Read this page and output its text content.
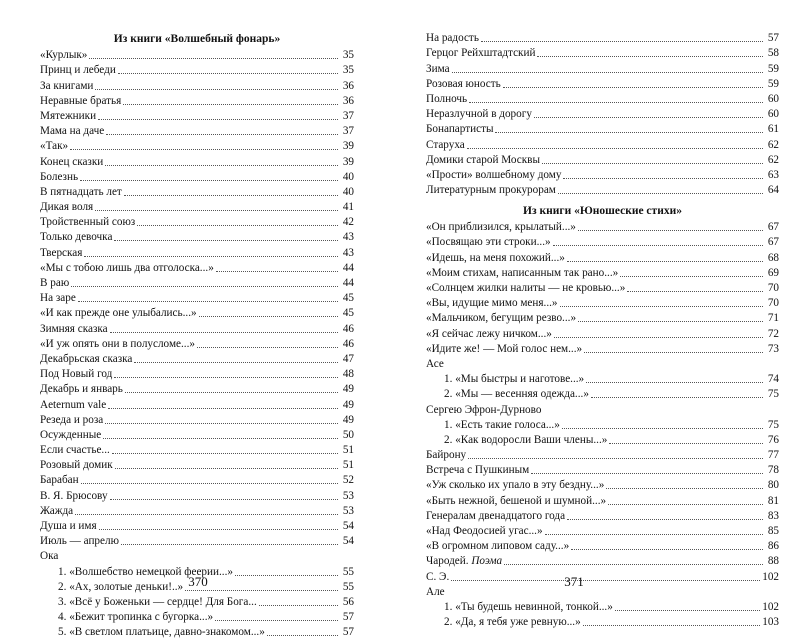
Из книги «Волшебный фонарь»
«Курлык»	35
Принц и лебеди	35
За книгами	36
Неравные братья	36
Мятежники	37
Мама на даче	37
«Так»	39
Конец сказки	39
Болезнь	40
В пятнадцать лет	40
Дикая воля	41
Тройственный союз	42
Только девочка	43
Тверская	43
«Мы с тобою лишь два отголоска...»	44
В раю	44
На заре	45
«И как прежде оне улыбались...»	45
Зимняя сказка	46
«И уж опять они в полусломе...»	46
Декабрьская сказка	47
Под Новый год	48
Декабрь и январь	49
Aeternum vale	49
Резеда и роза	49
Осужденные	50
Если счастье...	51
Розовый домик	51
Барабан	52
В. Я. Брюсову	53
Жажда	53
Душа и имя	54
Июль — апрелю	54
Ока
1. «Волшебство немецкой феерии...»	55
2. «Ах, золотые деньки!..»	55
3. «Всё у Боженьки — сердце! Для Бога...	56
4. «Бежит тропинка с бугорка...»	57
5. «В светлом платьице, давно-знакомом...»	57
На радость	57
Герцог Рейхштадтский	58
Зима	59
Розовая юность	59
Полночь	60
Неразлучной в дорогу	60
Бонапартисты	61
Старуха	62
Домики старой Москвы	62
«Прости» волшебному дому	63
Литературным прокурорам	64
Из книги «Юношеские стихи»
«Он приблизился, крылатый...»	67
«Посвящаю эти строки...»	67
«Идешь, на меня похожий...»	68
«Моим стихам, написанным так рано...»	69
«Солнцем жилки налиты — не кровью...»	70
«Вы, идущие мимо меня...»	70
«Мальчиком, бегущим резво...»	71
«Я сейчас лежу ничком...»	72
«Идите же! — Мой голос нем...»	73
Асе
1. «Мы быстры и наготове...»	74
2. «Мы — весенняя одежда...»	75
Сергею Эфрон-Дурново
1. «Есть такие голоса...»	75
2. «Как водоросли Ваши члены...»	76
Байрону	77
Встреча с Пушкиным	78
«Уж сколько их упало в эту бездну...»	80
«Быть нежной, бешеной и шумной...»	81
Генералам двенадцатого года	83
«Над Феодосией угас...»	85
«В огромном липовом саду...»	86
Чародей. Поэма	88
С. Э.	102
Але
1. «Ты будешь невинной, тонкой...»	102
2. «Да, я тебя уже ревную...»	103
370	371
